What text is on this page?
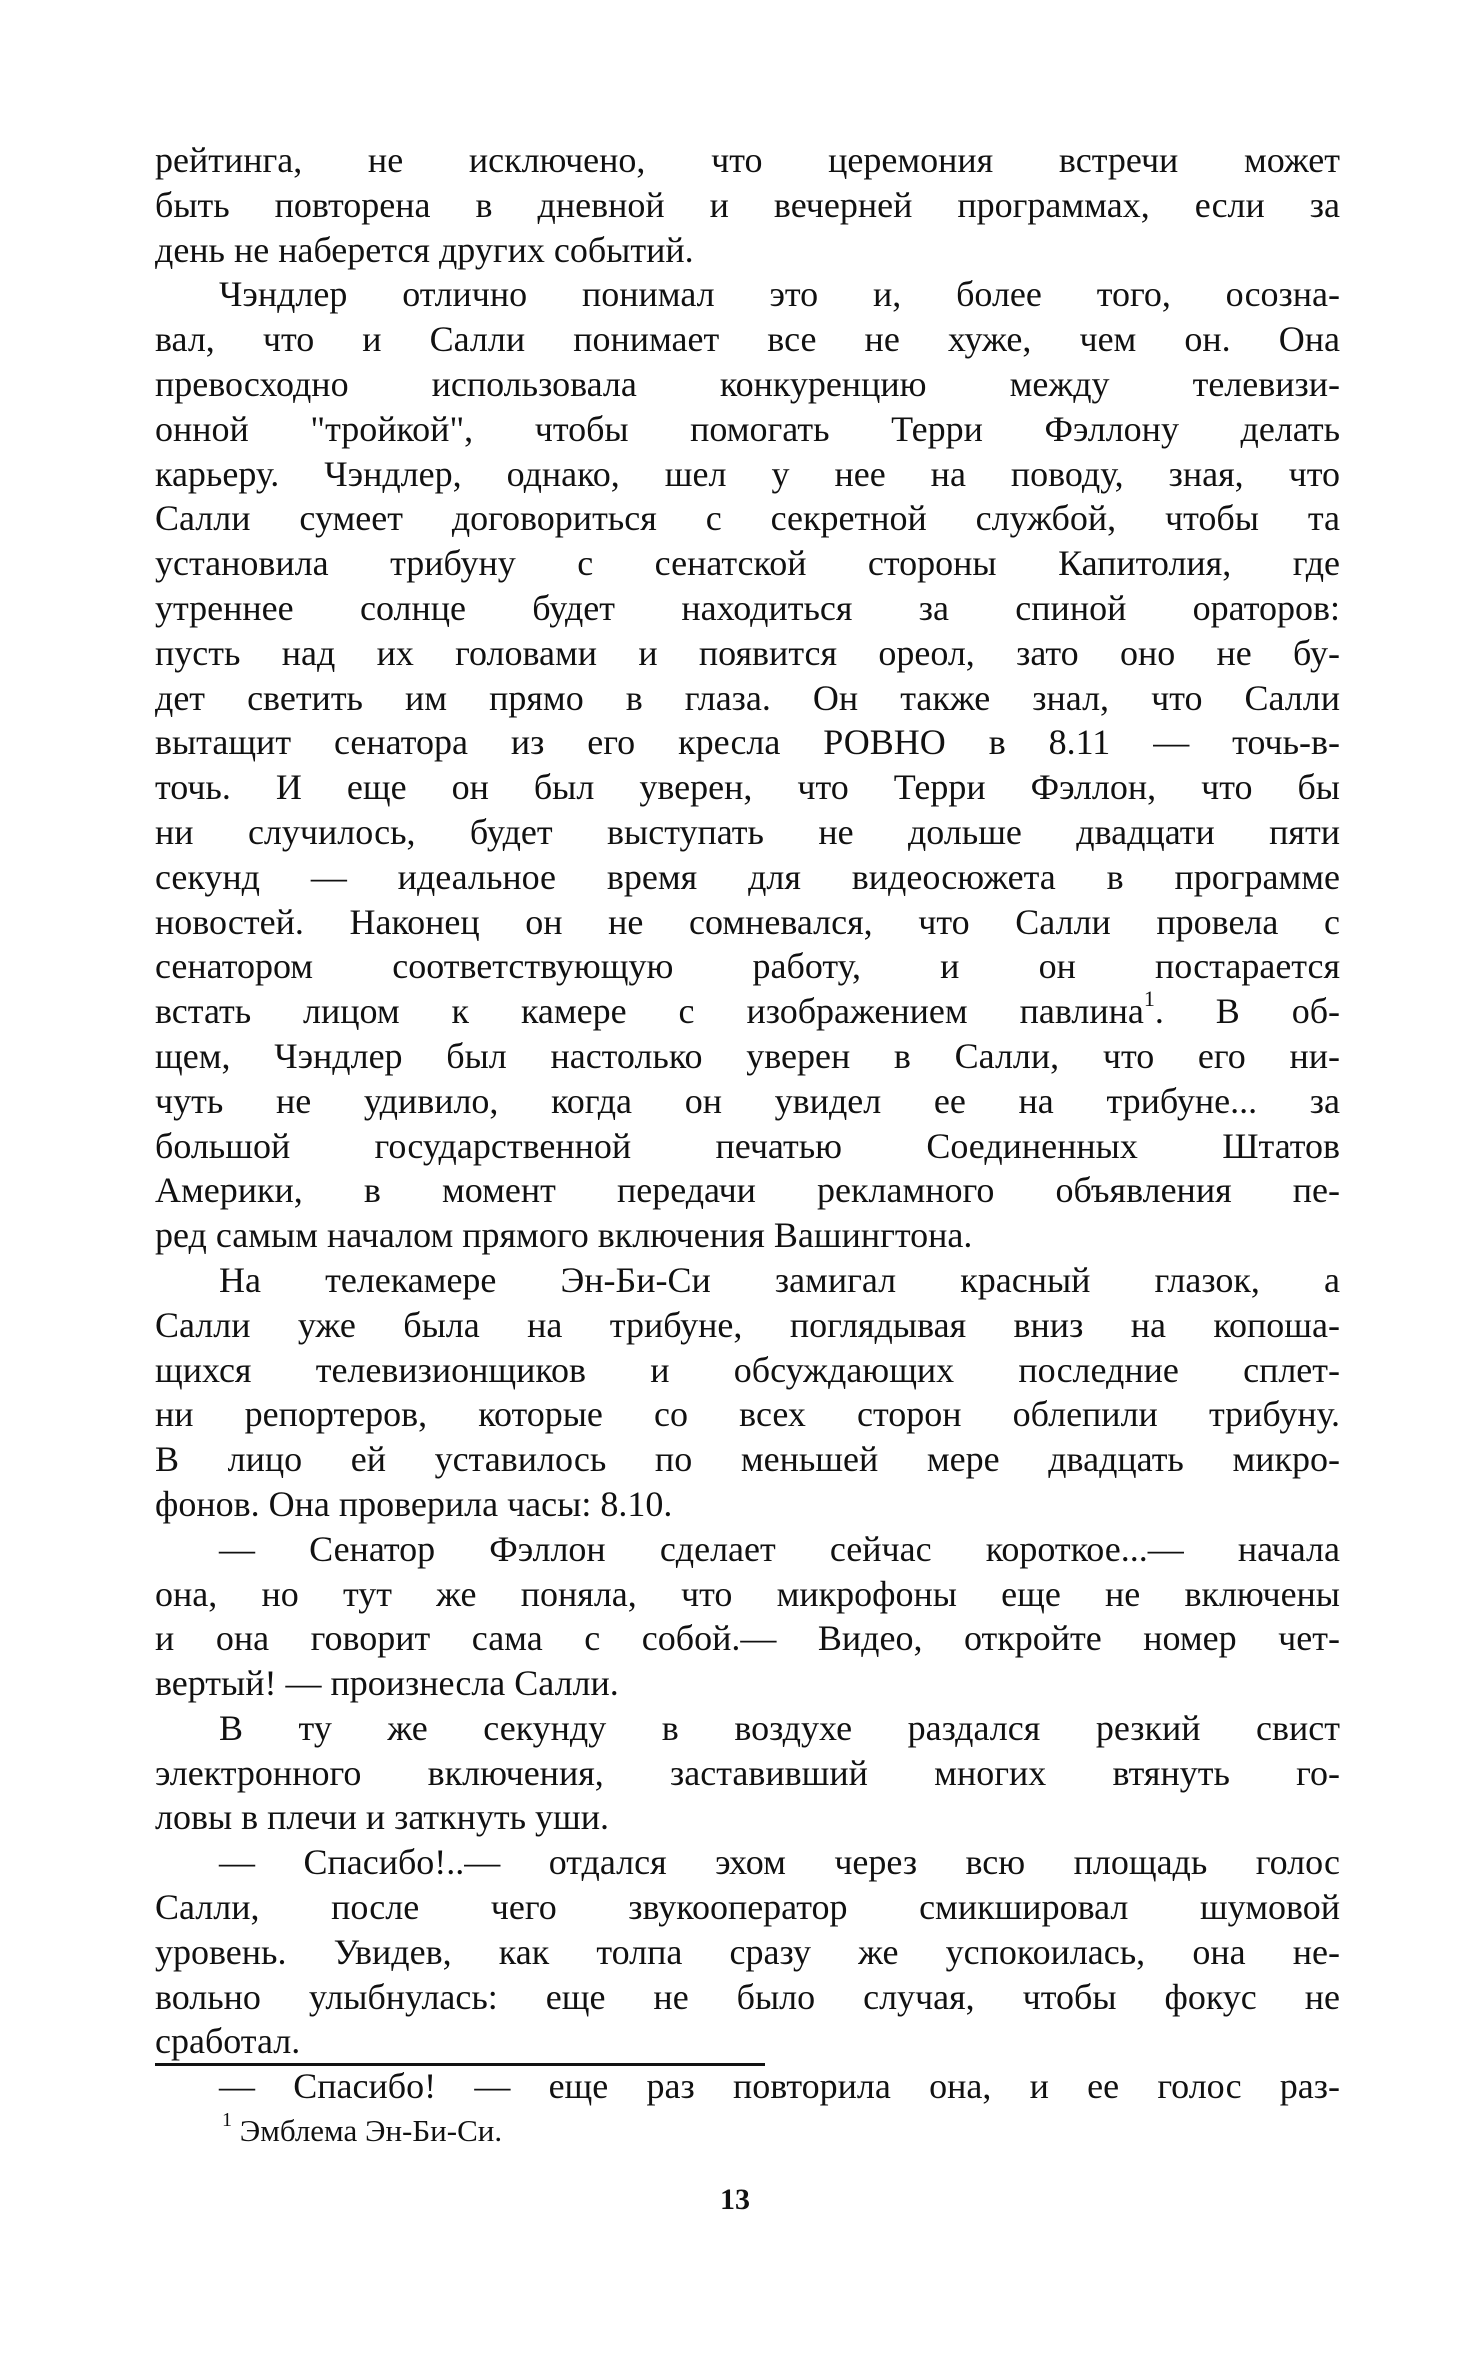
рейтинга, не исключено, что церемония встречи может
быть повторена в дневной и вечерней программах, если за
день не наберется других событий.
Чэндлер отлично понимал это и, более того, осозна-
вал, что и Салли понимает все не хуже, чем он. Она
превосходно использовала конкуренцию между телевизи-
онной "тройкой", чтобы помогать Терри Фэллону делать
карьеру. Чэндлер, однако, шел у нее на поводу, зная, что
Салли сумеет договориться с секретной службой, чтобы та
установила трибуну с сенатской стороны Капитолия, где
утреннее солнце будет находиться за спиной ораторов:
пусть над их головами и появится ореол, зато оно не бу-
дет светить им прямо в глаза. Он также знал, что Салли
вытащит сенатора из его кресла РОВНО в 8.11 — точь-в-
точь. И еще он был уверен, что Терри Фэллон, что бы
ни случилось, будет выступать не дольше двадцати пяти
секунд — идеальное время для видеосюжета в программе
новостей. Наконец он не сомневался, что Салли провела с
сенатором соответствующую работу, и он постарается
встать лицом к камере с изображением павлина$^1$. В об-
щем, Чэндлер был настолько уверен в Салли, что его ни-
чуть не удивило, когда он увидел ее на трибуне... за
большой государственной печатью Соединенных Штатов
Америки, в момент передачи рекламного объявления пе-
ред самым началом прямого включения Вашингтона.
На телекамере Эн-Би-Си замигал красный глазок, а
Салли уже была на трибуне, поглядывая вниз на копоша-
щихся телевизионщиков и обсуждающих последние сплет-
ни репортеров, которые со всех сторон облепили трибуну.
В лицо ей уставилось по меньшей мере двадцать микро-
фонов. Она проверила часы: 8.10.
— Сенатор Фэллон сделает сейчас короткое...— начала
она, но тут же поняла, что микрофоны еще не включены
и она говорит сама с собой.— Видео, откройте номер чет-
вертый! — произнесла Салли.
В ту же секунду в воздухе раздался резкий свист
электронного включения, заставивший многих втянуть го-
ловы в плечи и заткнуть уши.
— Спасибо!..— отдался эхом через всю площадь голос
Салли, после чего звукооператор смикшировал шумовой
уровень. Увидев, как толпа сразу же успокоилась, она не-
вольно улыбнулась: еще не было случая, чтобы фокус не
сработал.
— Спасибо! — еще раз повторила она, и ее голос раз-
$^1$ Эмблема Эн-Би-Си.
13
